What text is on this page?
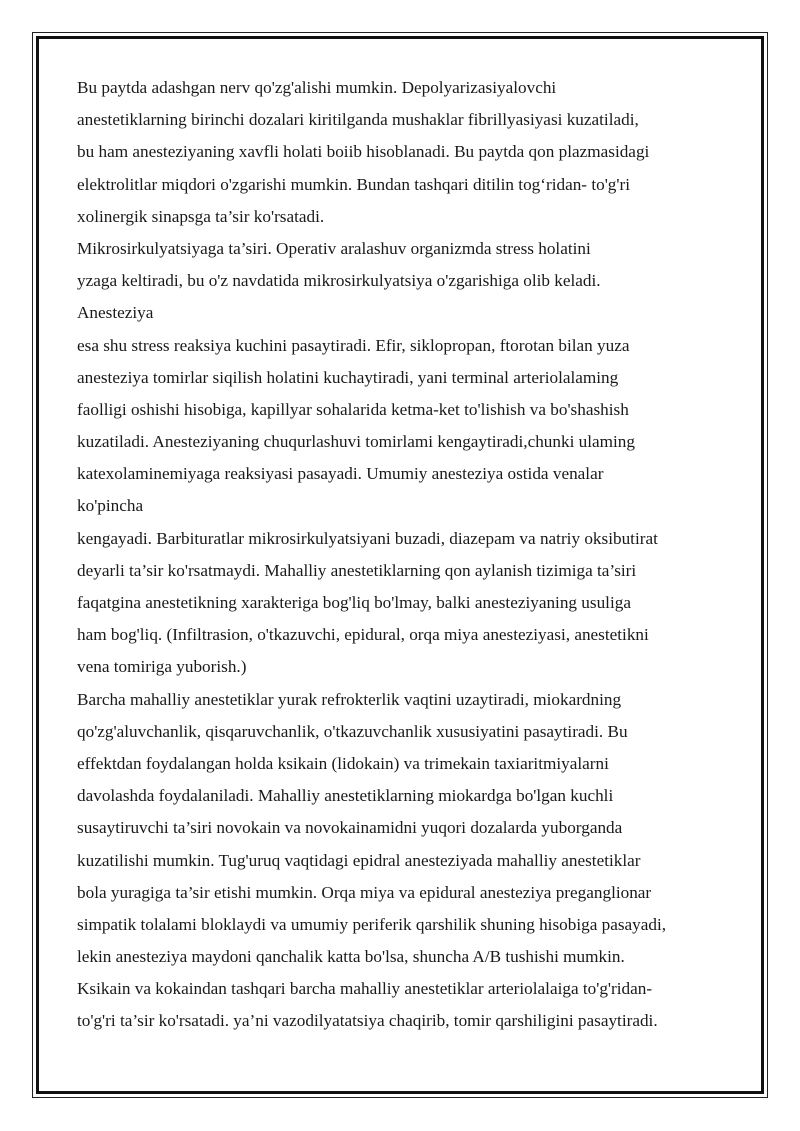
Bu paytda adashgan nerv qo'zg'alishi mumkin. Depolyarizasiyalovchi
anestetiklarning birinchi dozalari kiritilganda mushaklar fibrillyasiyasi kuzatiladi,
bu ham anesteziyaning xavfli holati boiib hisoblanadi. Bu paytda qon plazmasidagi
elektrolitlar miqdori o'zgarishi mumkin. Bundan tashqari ditilin tog‘ridan- to'g'ri
xolinergik sinapsga ta’sir ko'rsatadi.
Mikrosirkulyatsiyaga ta’siri. Operativ aralashuv organizmda stress holatini
yzaga keltiradi, bu o'z navdatida mikrosirkulyatsiya o'zgarishiga olib keladi.
Anesteziya
esa shu stress reaksiya kuchini pasaytiradi. Efir, siklopropan, ftorotan bilan yuza
anesteziya tomirlar siqilish holatini kuchaytiradi, yani terminal arteriolalaming
faolligi oshishi hisobiga, kapillyar sohalarida ketma-ket to'lishish va bo'shashish
kuzatiladi. Anesteziyaning chuqurlashuvi tomirlami kengaytiradi,chunki ulaming
katexolaminemiyaga reaksiyasi pasayadi. Umumiy anesteziya ostida venalar
ko'pincha
kengayadi. Barbituratlar mikrosirkulyatsiyani buzadi, diazepam va natriy oksibutirat
deyarli ta’sir ko'rsatmaydi. Mahalliy anestetiklarning qon aylanish tizimiga ta’siri
faqatgina anestetikning xarakteriga bog'liq bo'lmay, balki anesteziyaning usuliga
ham bog'liq. (Infiltrasion, o'tkazuvchi, epidural, orqa miya anesteziyasi, anestetikni
vena tomiriga yuborish.)
Barcha mahalliy anestetiklar yurak refrokterlik vaqtini uzaytiradi, miokardning
qo'zg'aluvchanlik, qisqaruvchanlik, o'tkazuvchanlik xususiyatini pasaytiradi. Bu
effektdan foydalangan holda ksikain (lidokain) va trimekain taxiaritmiyalarni
davolashda foydalaniladi. Mahalliy anestetiklarning miokardga bo'lgan kuchli
susaytiruvchi ta’siri novokain va novokainamidni yuqori dozalarda yuborganda
kuzatilishi mumkin. Tug'uruq vaqtidagi epidral anesteziyada mahalliy anestetiklar
bola yuragiga ta’sir etishi mumkin. Orqa miya va epidural anesteziya preganglionar
simpatik tolalami bloklaydi va umumiy periferik qarshilik shuning hisobiga pasayadi,
lekin anesteziya maydoni qanchalik katta bo'lsa, shuncha A/B tushishi mumkin.
Ksikain va kokaindan tashqari barcha mahalliy anestetiklar arteriolalaiga to'g'ridan-
to'g'ri ta’sir ko'rsatadi. ya’ni vazodilyatatsiya chaqirib, tomir qarshiligini pasaytiradi.
